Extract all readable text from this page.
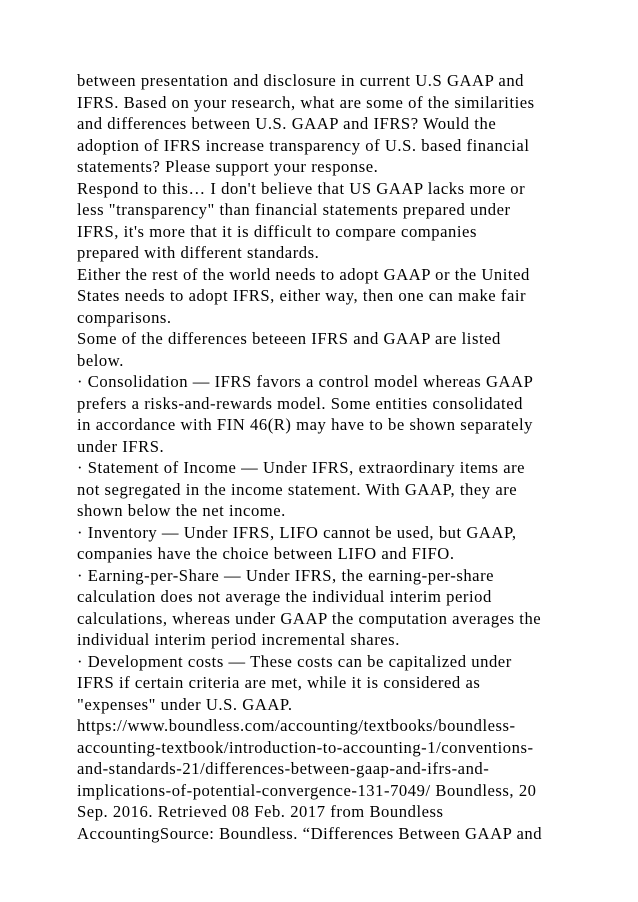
between presentation and disclosure in current U.S GAAP and
IFRS. Based on your research, what are some of the similarities
and differences between U.S. GAAP and IFRS? Would the
adoption of IFRS increase transparency of U.S. based financial
statements? Please support your response.
Respond to this… I don't believe that US GAAP lacks more or
less "transparency" than financial statements prepared under
IFRS, it's more that it is difficult to compare companies
prepared with different standards.
Either the rest of the world needs to adopt GAAP or the United
States needs to adopt IFRS, either way, then one can make fair
comparisons.
Some of the differences beteeen IFRS and GAAP are listed
below.
· Consolidation — IFRS favors a control model whereas GAAP
prefers a risks-and-rewards model. Some entities consolidated
in accordance with FIN 46(R) may have to be shown separately
under IFRS.
· Statement of Income — Under IFRS, extraordinary items are
not segregated in the income statement. With GAAP, they are
shown below the net income.
· Inventory — Under IFRS, LIFO cannot be used, but GAAP,
companies have the choice between LIFO and FIFO.
· Earning-per-Share — Under IFRS, the earning-per-share
calculation does not average the individual interim period
calculations, whereas under GAAP the computation averages the
individual interim period incremental shares.
· Development costs — These costs can be capitalized under
IFRS if certain criteria are met, while it is considered as
"expenses" under U.S. GAAP.
https://www.boundless.com/accounting/textbooks/boundless-
accounting-textbook/introduction-to-accounting-1/conventions-
and-standards-21/differences-between-gaap-and-ifrs-and-
implications-of-potential-convergence-131-7049/ Boundless, 20
Sep. 2016. Retrieved 08 Feb. 2017 from Boundless
AccountingSource: Boundless. “Differences Between GAAP and
